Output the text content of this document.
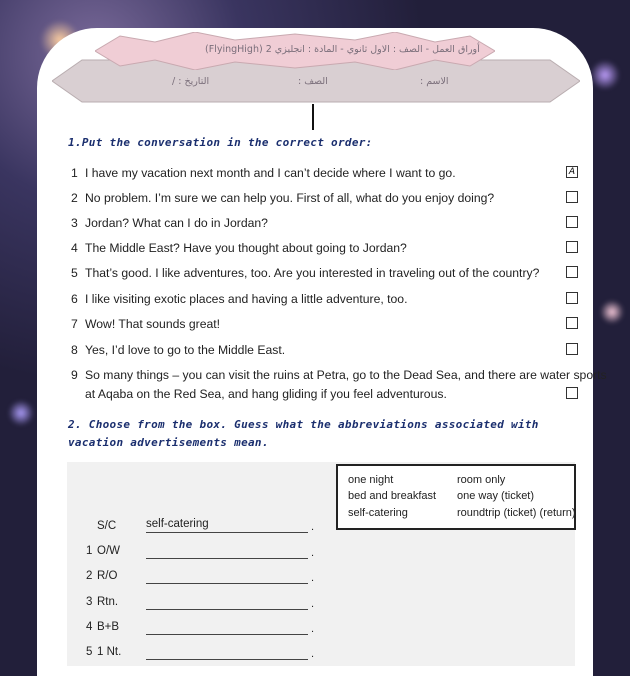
أوراق العمل - الصف : الاول ثانوي - المادة : انجليزي 2 (FlyingHigh)
الاسم :
الصف :
التاريخ : /
1.Put the conversation in the correct order:
1 I have my vacation next month and I can’t decide where I want to go.	A
2 No problem. I’m sure we can help you. First of all, what do you enjoy doing?
3 Jordan? What can I do in Jordan?
4 The Middle East? Have you thought about going to Jordan?
5 That’s good. I like adventures, too. Are you interested in traveling out of the country?
6 I like visiting exotic places and having a little adventure, too.
7 Wow! That sounds great!
8 Yes, I’d love to go to the Middle East.
9 So many things – you can visit the ruins at Petra, go to the Dead Sea, and there are water sports
at Aqaba on the Red Sea, and hang gliding if you feel adventurous.
2. Choose from the box. Guess what the abbreviations associated with
vacation advertisements mean.
one night
bed and breakfast
self-catering
room only
one way (ticket)
roundtrip (ticket) (return)
S/C	self-catering	.
1 O/W	.
2 R/O	.
3 Rtn.	.
4 B+B	.
5 1 Nt.	.
